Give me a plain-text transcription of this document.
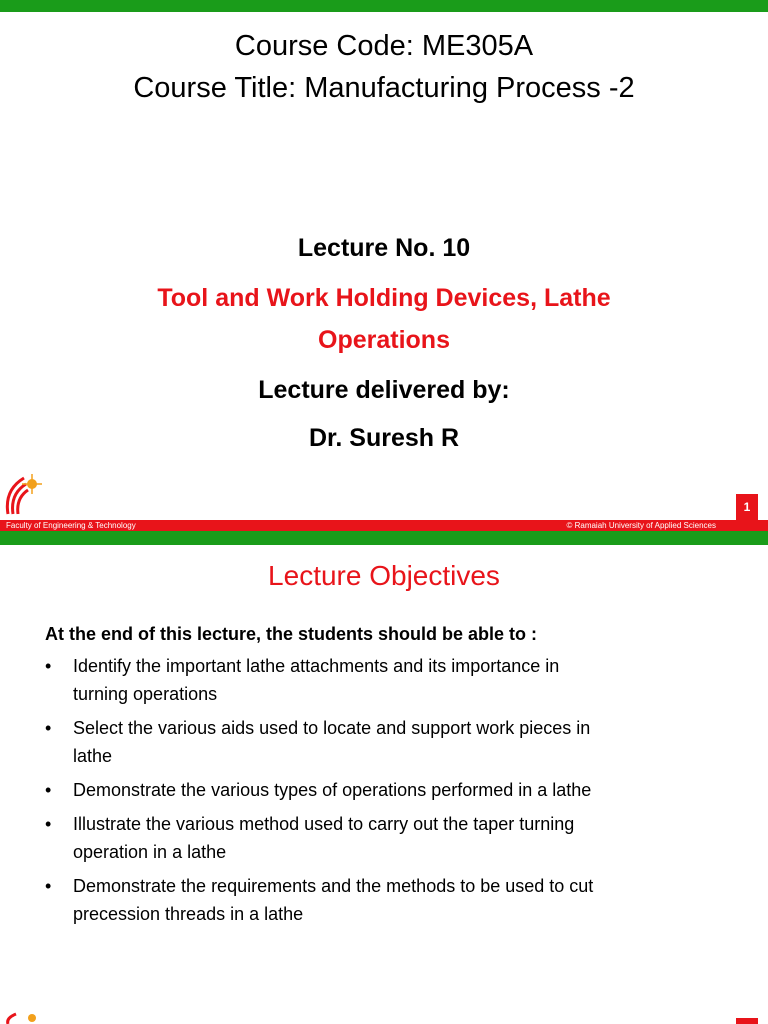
Course Code: ME305A
Course Title: Manufacturing Process -2
Lecture No. 10
Tool and Work Holding Devices, Lathe
Operations
Lecture delivered by:
Dr. Suresh R
1
Faculty of Engineering & Technology	© Ramaiah University of Applied Sciences
Lecture Objectives
At the end of this lecture, the students should be able to :
• Identify the important lathe attachments and its importance in
turning operations
• Select the various aids used to locate and support work pieces in
lathe
• Demonstrate the various types of operations performed in a lathe
• Illustrate the various method used to carry out the taper turning
operation in a lathe
• Demonstrate the requirements and the methods to be used to cut
precession threads in a lathe
